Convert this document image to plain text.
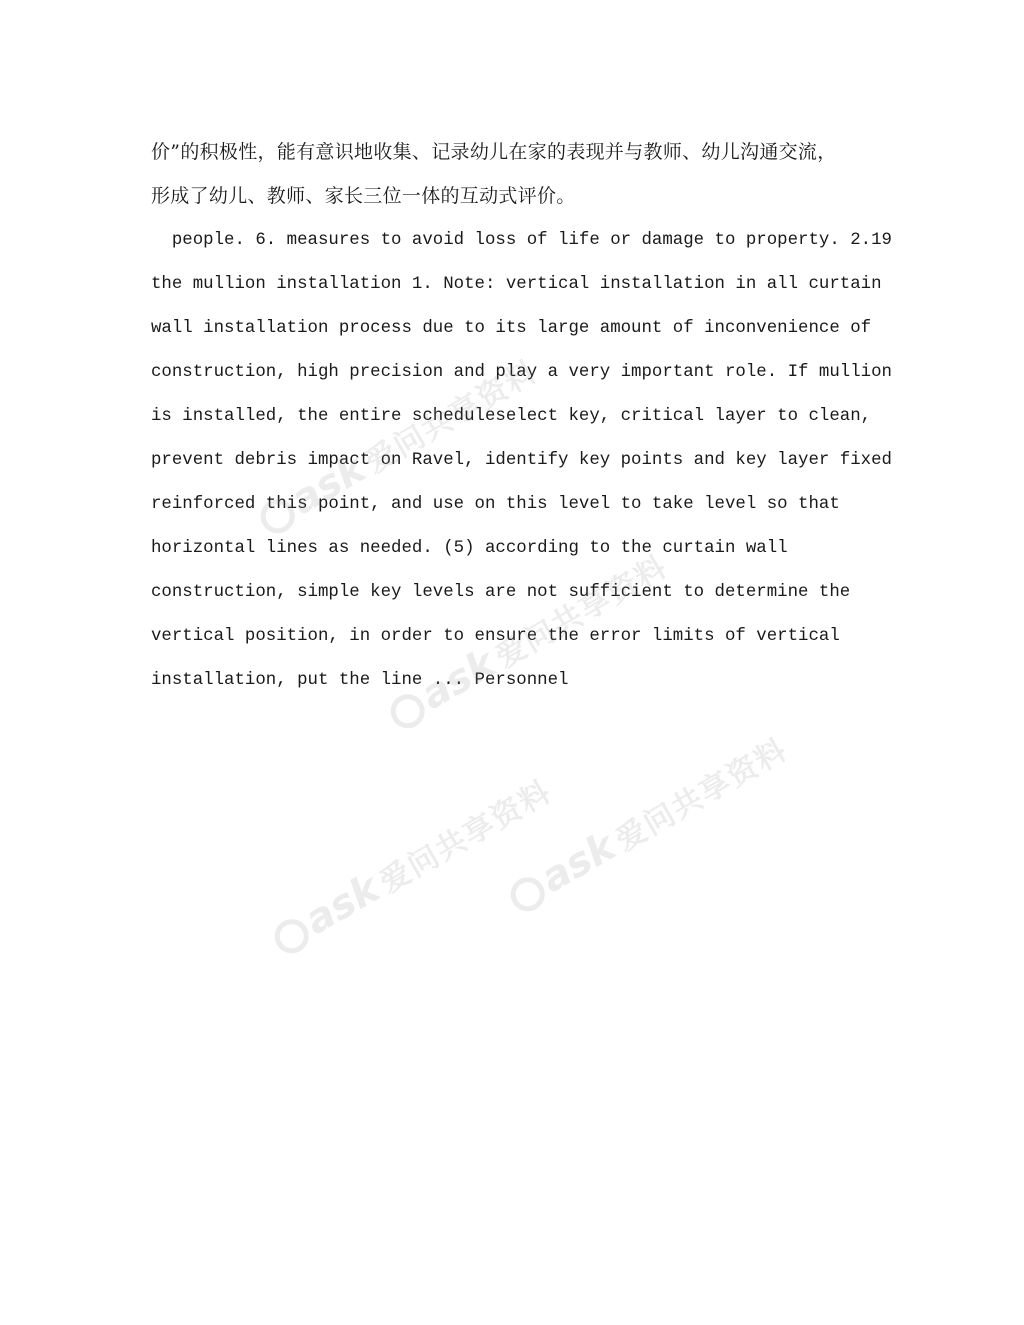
价”的积极性，能有意识地收集、记录幼儿在家的表现并与教师、幼儿沟通交流，
形成了幼儿、教师、家长三位一体的互动式评价。
people. 6. measures to avoid loss of life or damage to property. 2.19
the mullion installation 1. Note: vertical installation in all curtain
wall installation process due to its large amount of inconvenience of
construction, high precision and play a very important role. If mullion
is installed, the entire scheduleselect key, critical layer to clean,
prevent debris impact on Ravel, identify key points and key layer fixed
reinforced this point, and use on this level to take level so that
horizontal lines as needed. (5) according to the curtain wall
construction, simple key levels are not sufficient to determine the
vertical position, in order to ensure the error limits of vertical
installation, put the line ... Personnel
ask爱问共享资料
ask爱问共享资料
ask爱问共享资料
ask爱问共享资料
